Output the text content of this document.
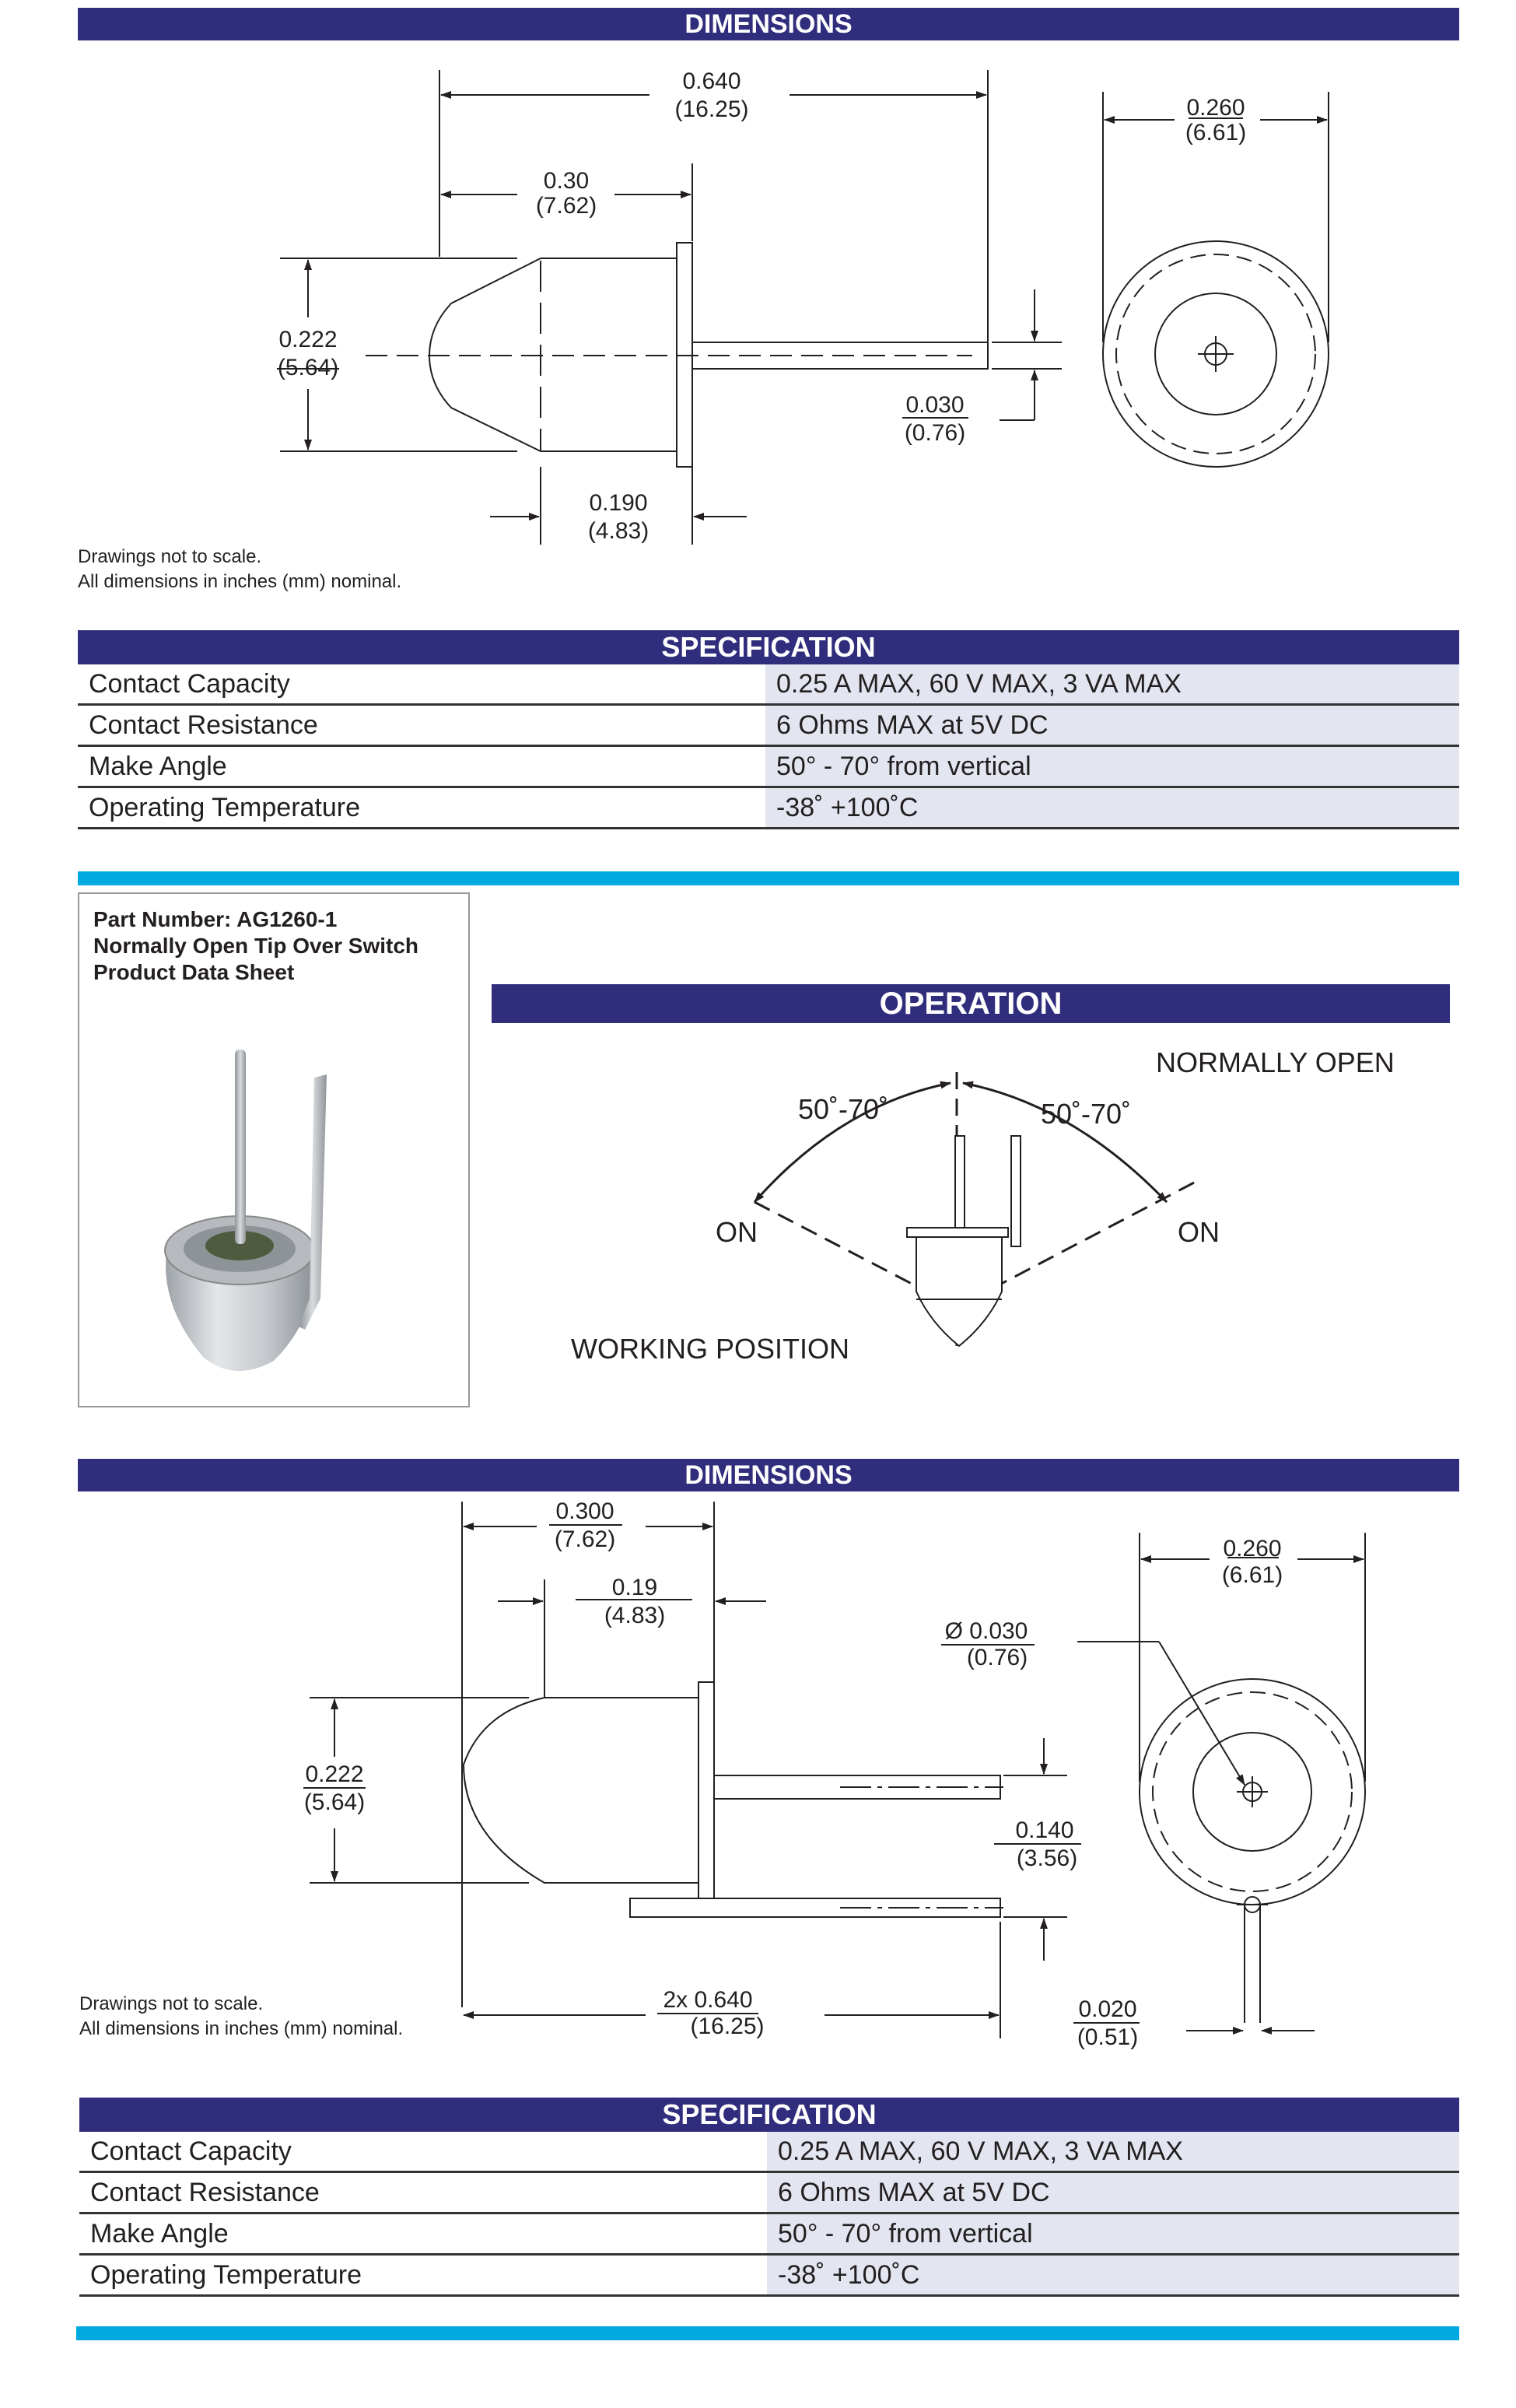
DIMENSIONS
0.640
(16.25)
0.30
(7.62)
0.222
(5.64)
0.030
(0.76)
0.190
(4.83)
0.260
(6.61)
Drawings not to scale.
All dimensions in inches (mm) nominal.
SPECIFICATION
Contact Capacity	0.25 A MAX, 60 V MAX, 3 VA MAX
Contact Resistance	6 Ohms MAX at 5V DC
Make Angle	50° - 70° from vertical
Operating Temperature	-38˚ +100˚C
Part Number: AG1260-1
Normally Open Tip Over Switch
Product Data Sheet
OPERATION
NORMALLY OPEN
50˚-70˚	50˚-70˚
ON	ON
WORKING POSITION
DIMENSIONS
0.300
(7.62)
0.19
(4.83)
0.222
(5.64)
0.140
(3.56)
2x 0.640
(16.25)
Ø 0.030
(0.76)
0.260
(6.61)
0.020
(0.51)
Drawings not to scale.
All dimensions in inches (mm) nominal.
SPECIFICATION
Contact Capacity	0.25 A MAX, 60 V MAX, 3 VA MAX
Contact Resistance	6 Ohms MAX at 5V DC
Make Angle	50° - 70° from vertical
Operating Temperature	-38˚ +100˚C
